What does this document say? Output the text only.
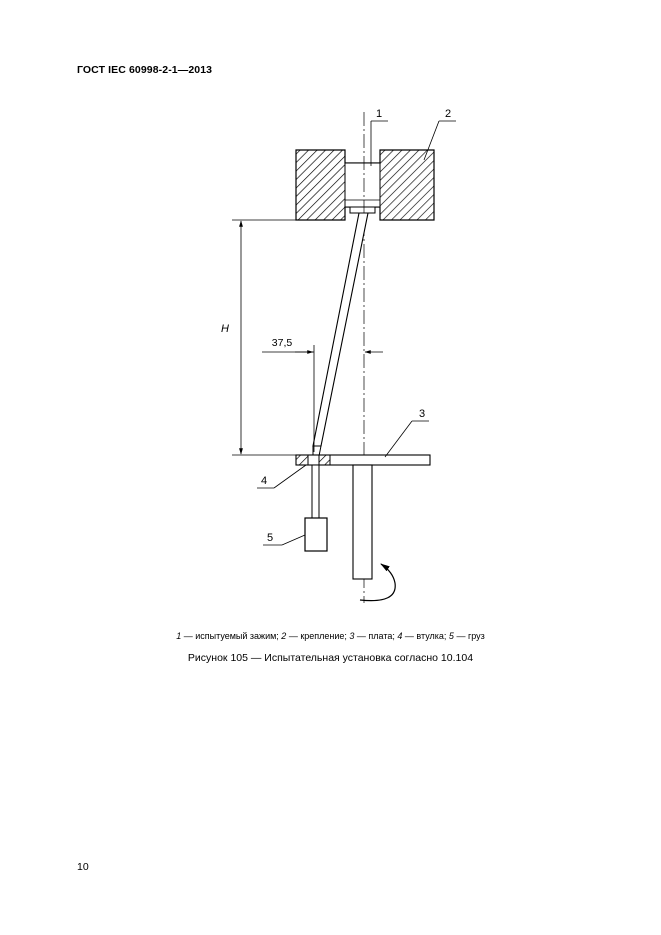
ГОСТ IEC 60998-2-1—2013
H
37,5
1	2
3
4
5
1 — испытуемый зажим; 2 — крепление; 3 — плата; 4 — втулка; 5 — груз
Рисунок 105 — Испытательная установка согласно 10.104
10
